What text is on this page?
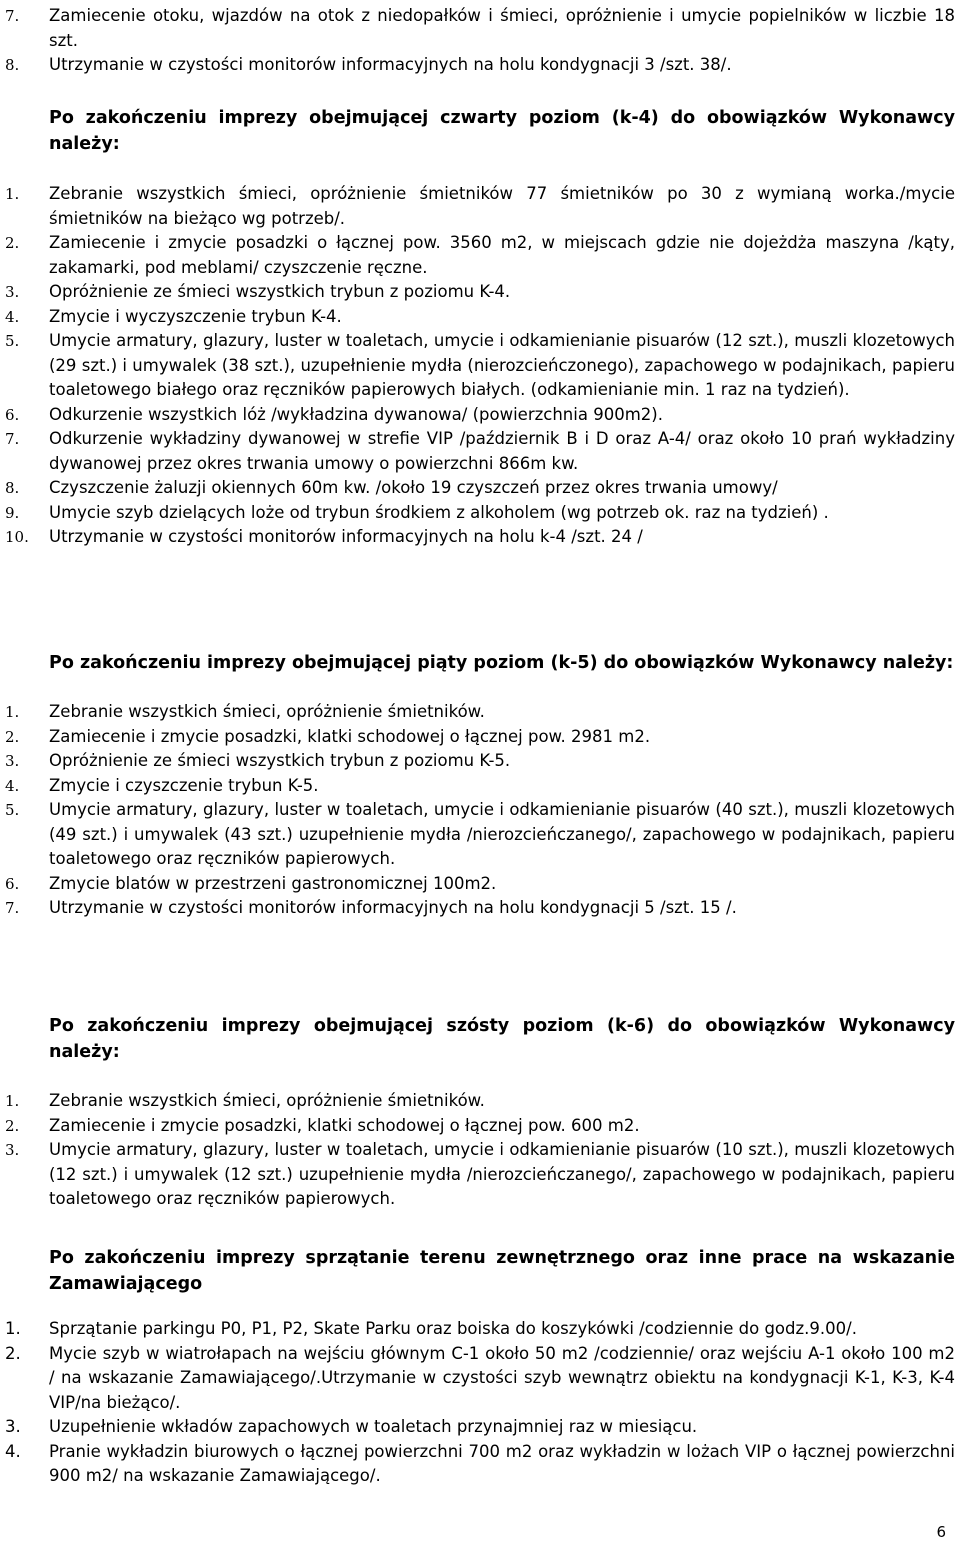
7. Zamiecenie otoku, wjazdów na otok z niedopałków i śmieci, opróżnienie i umycie popielników w liczbie 18 szt.
8. Utrzymanie w czystości monitorów informacyjnych na holu kondygnacji 3 /szt. 38/.
Po zakończeniu imprezy obejmującej czwarty poziom (k-4) do obowiązków Wykonawcy należy:
1. Zebranie wszystkich śmieci, opróżnienie śmietników 77 śmietników po 30 z wymianą worka./mycie śmietników na bieżąco wg potrzeb/.
2. Zamiecenie i zmycie posadzki o łącznej pow. 3560 m2, w miejscach gdzie nie dojeżdża maszyna /kąty, zakamarki, pod meblami/ czyszczenie ręczne.
3. Opróżnienie ze śmieci wszystkich trybun z poziomu K-4.
4. Zmycie i wyczyszczenie trybun K-4.
5. Umycie armatury, glazury, luster w toaletach, umycie i odkamienianie pisuarów (12 szt.), muszli klozetowych (29 szt.) i umywalek (38 szt.), uzupełnienie mydła (nierozcieńczonego), zapachowego w podajnikach, papieru toaletowego białego oraz ręczników papierowych białych. (odkamienianie min. 1 raz na tydzień).
6. Odkurzenie wszystkich lóż /wykładzina dywanowa/ (powierzchnia 900m2).
7. Odkurzenie wykładziny dywanowej w strefie VIP /październik B i D oraz A-4/ oraz około 10 prań wykładziny dywanowej przez okres trwania umowy o powierzchni 866m kw.
8. Czyszczenie żaluzji okiennych 60m kw. /około 19 czyszczeń przez okres trwania umowy/
9. Umycie szyb dzielących loże od trybun środkiem z alkoholem (wg potrzeb ok. raz na tydzień) .
10. Utrzymanie w czystości monitorów informacyjnych na holu k-4 /szt. 24 /
Po zakończeniu imprezy obejmującej piąty poziom (k-5) do obowiązków Wykonawcy należy:
1. Zebranie wszystkich śmieci, opróżnienie śmietników.
2. Zamiecenie i zmycie posadzki, klatki schodowej o łącznej pow. 2981 m2.
3. Opróżnienie ze śmieci wszystkich trybun z poziomu K-5.
4. Zmycie i czyszczenie trybun K-5.
5. Umycie armatury, glazury, luster w toaletach, umycie i odkamienianie pisuarów (40 szt.), muszli klozetowych (49 szt.) i umywalek (43 szt.) uzupełnienie mydła /nierozcieńczanego/, zapachowego w podajnikach, papieru toaletowego oraz ręczników papierowych.
6. Zmycie blatów w przestrzeni gastronomicznej 100m2.
7. Utrzymanie w czystości monitorów informacyjnych na holu kondygnacji 5 /szt. 15 /.
Po zakończeniu imprezy obejmującej szósty poziom (k-6) do obowiązków Wykonawcy należy:
1. Zebranie wszystkich śmieci, opróżnienie śmietników.
2. Zamiecenie i zmycie posadzki, klatki schodowej o łącznej pow. 600 m2.
3. Umycie armatury, glazury, luster w toaletach, umycie i odkamienianie pisuarów (10 szt.), muszli klozetowych (12 szt.) i umywalek (12 szt.) uzupełnienie mydła /nierozcieńczanego/, zapachowego w podajnikach, papieru toaletowego oraz ręczników papierowych.
Po zakończeniu imprezy sprzątanie terenu zewnętrznego oraz inne prace na wskazanie Zamawiającego
1. Sprzątanie parkingu P0, P1, P2, Skate Parku oraz boiska do koszykówki /codziennie do godz.9.00/.
2. Mycie szyb w wiatrołapach na wejściu głównym C-1 około 50 m2 /codziennie/ oraz wejściu A-1 około 100 m2 / na wskazanie Zamawiającego/.Utrzymanie w czystości szyb wewnątrz obiektu na kondygnacji K-1, K-3, K-4 VIP/na bieżąco/.
3. Uzupełnienie wkładów zapachowych w toaletach przynajmniej raz w miesiącu.
4. Pranie wykładzin biurowych o łącznej powierzchni 700 m2 oraz wykładzin w lożach VIP o łącznej powierzchni 900 m2/ na wskazanie Zamawiającego/.
6
